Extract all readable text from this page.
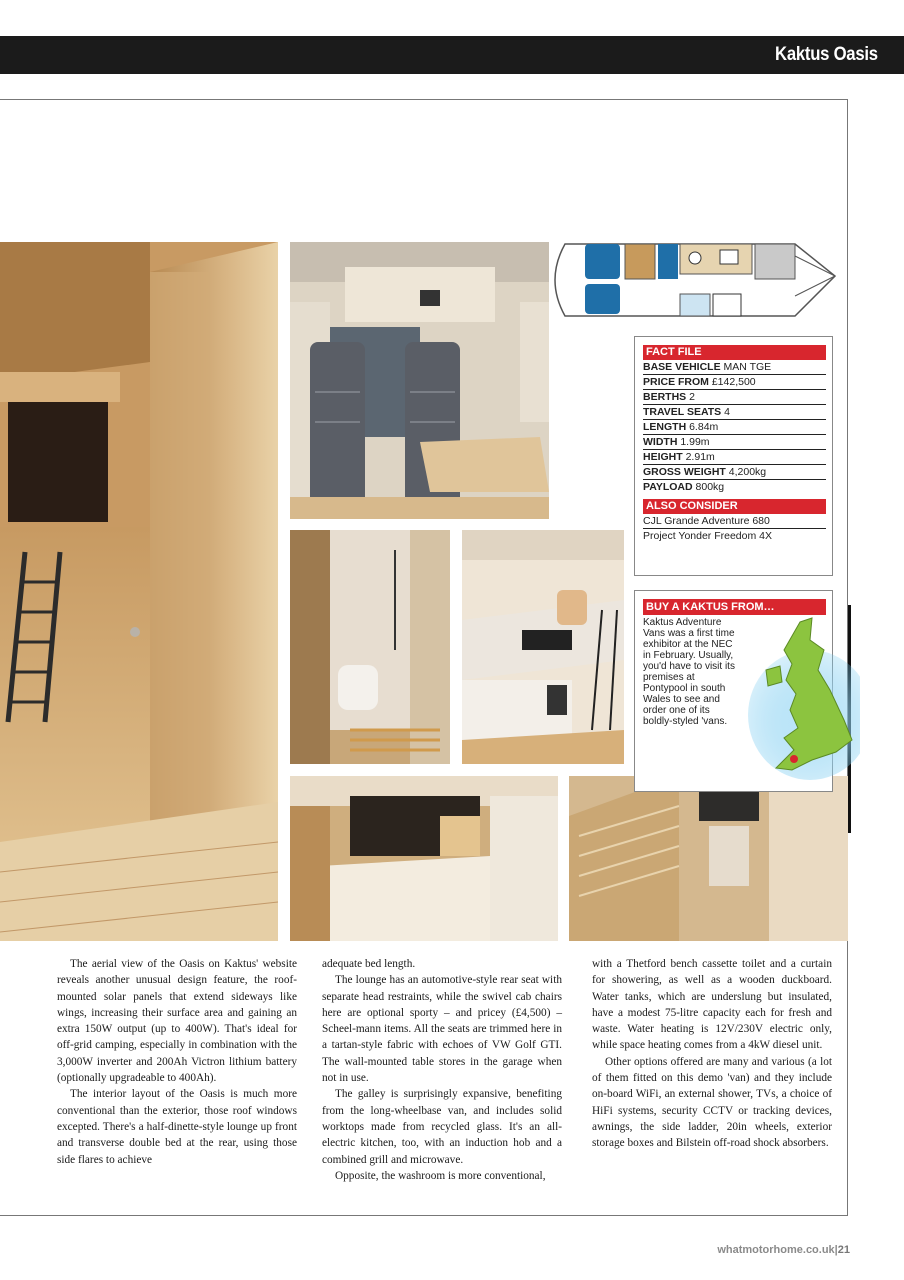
Kaktus Oasis
FACT FILE
BASE VEHICLE MAN TGE
PRICE FROM £142,500
BERTHS 2
TRAVEL SEATS 4
LENGTH 6.84m
WIDTH 1.99m
HEIGHT 2.91m
GROSS WEIGHT 4,200kg
PAYLOAD 800kg
ALSO CONSIDER
CJL Grande Adventure 680
Project Yonder Freedom 4X
BUY A KAKTUS FROM…
Kaktus Adventure Vans was a first time exhibitor at the NEC in February. Usually, you'd have to visit its premises at Pontypool in south Wales to see and order one of its boldly-styled 'vans.

The aerial view of the Oasis on Kaktus' website reveals another unusual design feature, the roof-mounted solar panels that extend sideways like wings, increasing their surface area and gaining an extra 150W output (up to 400W). That's ideal for off-grid camping, especially in combination with the 3,000W inverter and 200Ah Victron lithium battery (optionally upgradeable to 400Ah).

The interior layout of the Oasis is much more conventional than the exterior, those roof windows excepted. There's a half-dinette-style lounge up front and transverse double bed at the rear, using those side flares to achieve

adequate bed length.

The lounge has an automotive-style rear seat with separate head restraints, while the swivel cab chairs here are optional sporty – and pricey (£4,500) – Scheel-mann items. All the seats are trimmed here in a tartan-style fabric with echoes of VW Golf GTI. The wall-mounted table stores in the garage when not in use.

The galley is surprisingly expansive, benefiting from the long-wheelbase van, and includes solid worktops made from recycled glass. It's an all-electric kitchen, too, with an induction hob and a combined grill and microwave.

Opposite, the washroom is more conventional,

with a Thetford bench cassette toilet and a curtain for showering, as well as a wooden duckboard. Water tanks, which are underslung but insulated, have a modest 75-litre capacity each for fresh and waste. Water heating is 12V/230V electric only, while space heating comes from a 4kW diesel unit.

Other options offered are many and various (a lot of them fitted on this demo 'van) and they include on-board WiFi, an external shower, TVs, a choice of HiFi systems, security CCTV or tracking devices, awnings, the side ladder, 20in wheels, exterior storage boxes and Bilstein off-road shock absorbers.

whatmotorhome.co.uk|21
